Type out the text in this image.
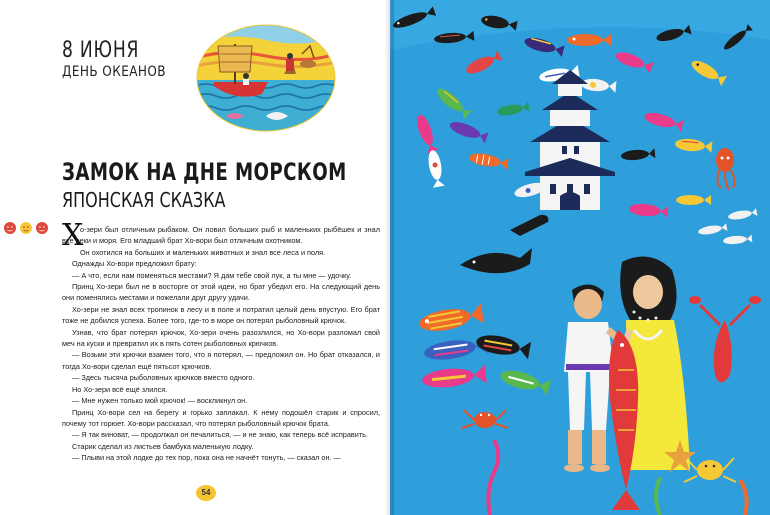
8 ИЮНЯ
ДЕНЬ ОКЕАНОВ
ЗАМОК НА ДНЕ МОРСКОМ
ЯПОНСКАЯ СКАЗКА
Х

о-зери был отличным рыбаком. Он ловил больших рыб и маленьких рыбёшек и знал все реки и моря. Его младший брат Хо-вори был отличным охотником.

Он охотился на больших и маленьких животных и знал все леса и поля.

Однажды Хо-вори предложил брату:

— А что, если нам поменяться местами? Я дам тебе свой лук, а ты мне — удочку.

Принц Хо-зери был не в восторге от этой идеи, но брат убедил его. На следующий день они поменялись местами и пожелали друг другу удачи.

Хо-зери не знал всех тропинок в лесу и в поле и потратил целый день впустую. Его брат тоже не добился успеха. Более того, где-то в море он потерял рыболовный крючок.

Узнав, что брат потерял крючок, Хо-зери очень разозлился, но Хо-вори разломал свой меч на куски и превратил их в пять сотен рыболовных крючков.

— Возьми эти крючки взамен того, что я потерял, — предложил он. Но брат отказался, и тогда Хо-вори сделал ещё пятьсот крючков.

— Здесь тысяча рыболовных крючков вместо одного.

Но Хо-зери всё ещё злился.

— Мне нужен только мой крючок! — воскликнул он.

Принц Хо-вори сел на берегу и горько заплакал. К нему подошёл старик и спросил, почему тот горюет. Хо-вори рассказал, что потерял рыболовный крючок брата.

— Я так виноват, — продолжал он печалиться, — и не знаю, как теперь всё исправить.

Старик сделал из листьев бамбука маленькую лодку.

— Плыви на этой лодке до тех пор, пока она не начнёт тонуть, — сказал он. —

54
